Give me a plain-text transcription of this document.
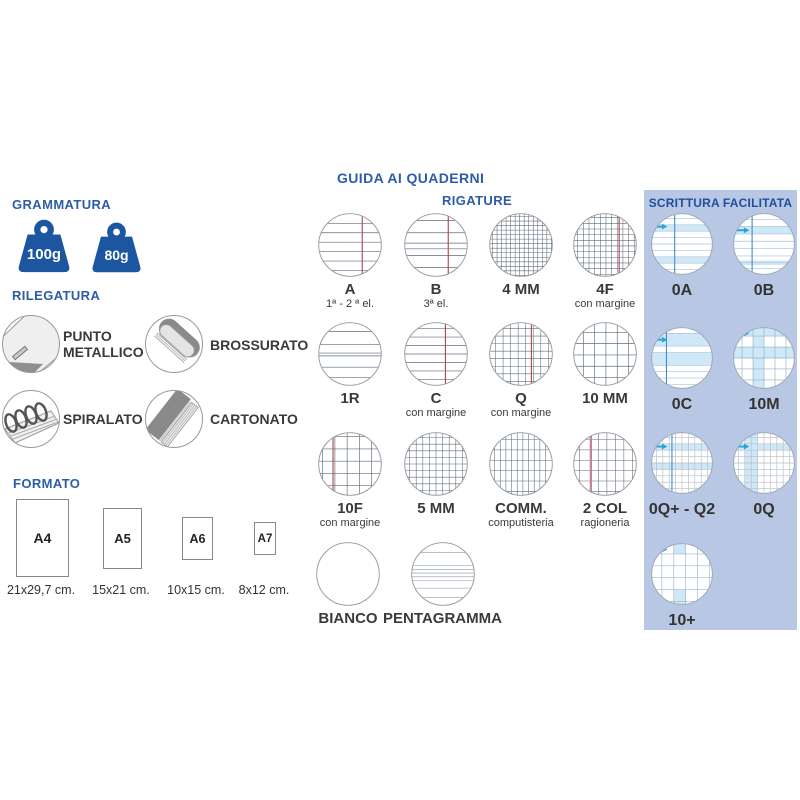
GRAMMATURA
100g	80g
RILEGATURA
PUNTO METALLICO	BROSSURATO
SPIRALATO	CARTONATO
FORMATO
A4	A5	A6	A7
21x29,7 cm.	15x21 cm.	10x15 cm.	8x12 cm.
GUIDA AI QUADERNI
RIGATURE
A
1ª - 2 ª el.
B
3ª el.
4 MM	4F
con margine
1R	C
con margine
Q
con margine
10 MM
10F
con margine
5 MM	COMM.
computisteria
2 COL
ragioneria
BIANCO PENTAGRAMMA
SCRITTURA FACILITATA
0A	0B
0C	10M
0Q+ - Q2	0Q
10+
